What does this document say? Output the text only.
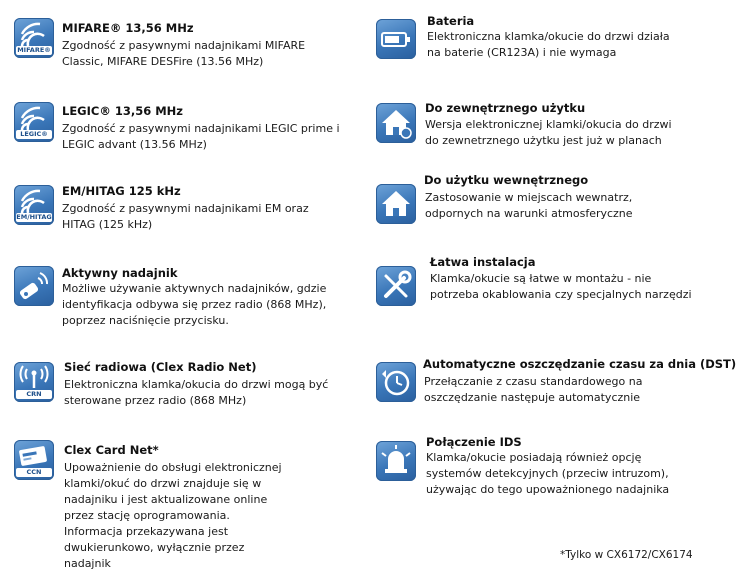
MIFARE®
MIFARE® 13,56 MHz
Zgodność z pasywnymi nadajnikami MIFARE
Classic, MIFARE DESFire (13.56 MHz)
LEGIC®
LEGIC® 13,56 MHz
Zgodność z pasywnymi nadajnikami LEGIC prime i
LEGIC advant (13.56 MHz)
EM/HITAG
EM/HITAG 125 kHz
Zgodność z pasywnymi nadajnikami EM oraz
HITAG (125 kHz)
Aktywny nadajnik
Możliwe używanie aktywnych nadajników, gdzie
identyfikacja odbywa się przez radio (868 MHz),
poprzez naciśnięcie przycisku.
CRN
Sieć radiowa (Clex Radio Net)
Elektroniczna klamka/okucia do drzwi mogą być
sterowane przez radio (868 MHz)
CCN
Clex Card Net*
Upoważnienie do obsługi elektronicznej
klamki/okuć do drzwi znajduje się w
nadajniku i jest aktualizowane online
przez stację oprogramowania.
Informacja przekazywana jest
dwukierunkowo, wyłącznie przez
nadajnik
Bateria
Elektroniczna klamka/okucie do drzwi działa
na baterie (CR123A) i nie wymaga
Do zewnętrznego użytku
Wersja elektronicznej klamki/okucia do drzwi
do zewnetrznego użytku jest już w planach
Do użytku wewnętrznego
Zastosowanie w miejscach wewnatrz,
odpornych na warunki atmosferyczne
Łatwa instalacja
Klamka/okucie są łatwe w montażu - nie
potrzeba okablowania czy specjalnych narzędzi
Automatyczne oszczędzanie czasu za dnia (DST)
Przełączanie z czasu standardowego na
oszczędzanie następuje automatycznie
Połączenie IDS
Klamka/okucie posiadają również opcję
systemów detekcyjnych (przeciw intruzom),
używając do tego upoważnionego nadajnika
*Tylko w CX6172/CX6174
